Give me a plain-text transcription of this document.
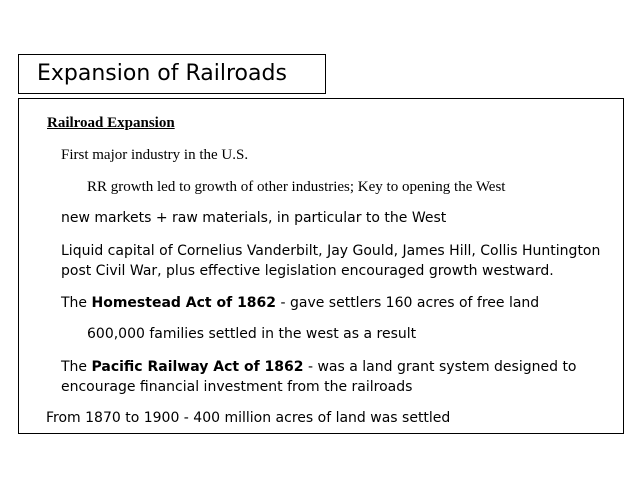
Expansion of Railroads
Railroad Expansion
First major industry in the U.S.
RR growth led to growth of other industries; Key to opening the West
new markets + raw materials, in particular to the West
Liquid capital of Cornelius Vanderbilt, Jay Gould, James Hill, Collis Huntington
post Civil War, plus effective legislation encouraged growth westward.
The Homestead Act of 1862 - gave settlers 160 acres of free land
600,000 families settled in the west as a result
The Pacific Railway Act of 1862 - was a land grant system designed to
encourage financial investment from the railroads
From 1870 to 1900 - 400 million acres of land was settled
